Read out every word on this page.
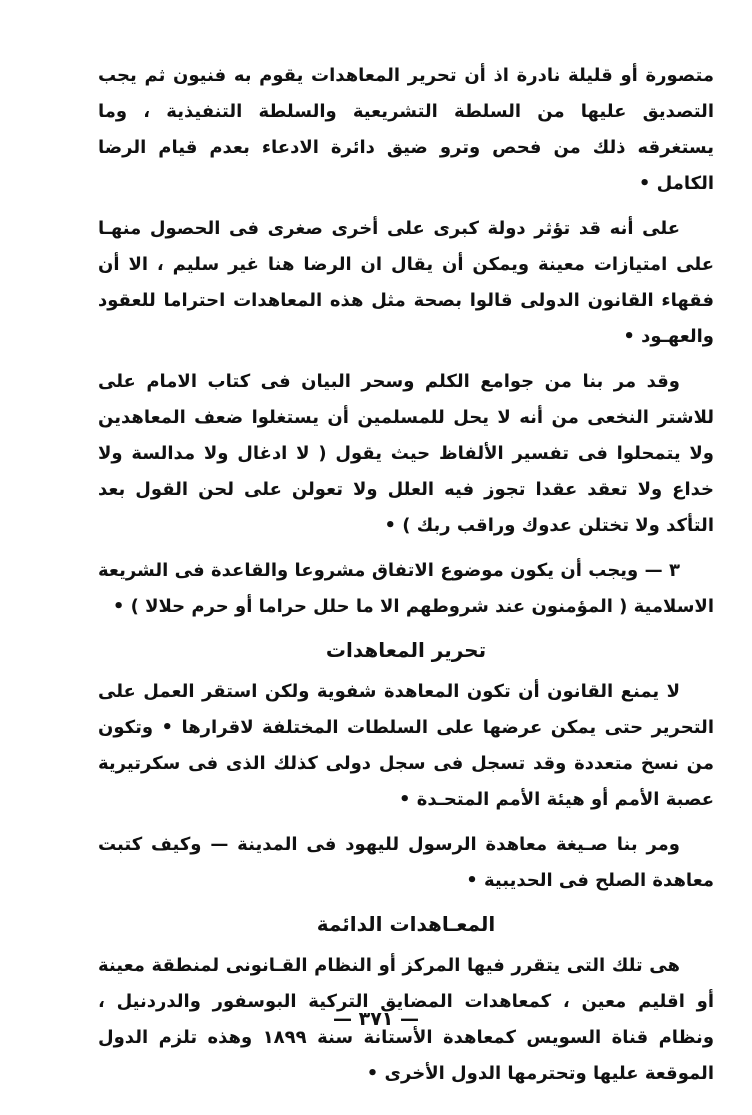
متصورة أو قليلة نادرة اذ أن تحرير المعاهدات يقوم به فنيون ثم يجب التصديق عليها من السلطة التشريعية والسلطة التنفيذية ، وما يستغرقه ذلك من فحص وترو ضيق دائرة الادعاء بعدم قيام الرضا الكامل •

على أنه قد تؤثر دولة كبرى على أخرى صغرى فى الحصول منهـا على امتيازات معينة ويمكن أن يقال ان الرضا هنا غير سليم ، الا أن فقهاء القانون الدولى قالوا بصحة مثل هذه المعاهدات احتراما للعقود والعهـود •

وقد مر بنا من جوامع الكلم وسحر البيان فى كتاب الامام على للاشتر النخعى من أنه لا يحل للمسلمين أن يستغلوا ضعف المعاهدين ولا يتمحلوا فى تفسير الألفاظ حيث يقول ( لا ادغال ولا مدالسة ولا خداع ولا تعقد عقدا تجوز فيه العلل ولا تعولن على لحن القول بعد التأكد ولا تختلن عدوك وراقب ربك ) •

٣ — ويجب أن يكون موضوع الاتفاق مشروعا والقاعدة فى الشريعة الاسلامية ( المؤمنون عند شروطهم الا ما حلل حراما أو حرم حلالا ) •

تحرير المعاهدات

لا يمنع القانون أن تكون المعاهدة شفوية ولكن استقر العمل على التحرير حتى يمكن عرضها على السلطات المختلفة لاقرارها • وتكون من نسخ متعددة وقد تسجل فى سجل دولى كذلك الذى فى سكرتيرية عصبة الأمم أو هيئة الأمم المتحـدة •

ومر بنا صـيغة معاهدة الرسول لليهود فى المدينة — وكيف كتبت معاهدة الصلح فى الحديبية •

المعـاهدات الدائمة

هى تلك التى يتقرر فيها المركز أو النظام القـانونى لمنطقة معينة أو اقليم معين ، كمعاهدات المضايق التركية البوسفور والدردنيل ، ونظام قناة السويس كمعاهدة الأستانة سنة ١٨٩٩ وهذه تلزم الدول الموقعة عليها وتحترمها الدول الأخرى •

— ٣٧١ —
